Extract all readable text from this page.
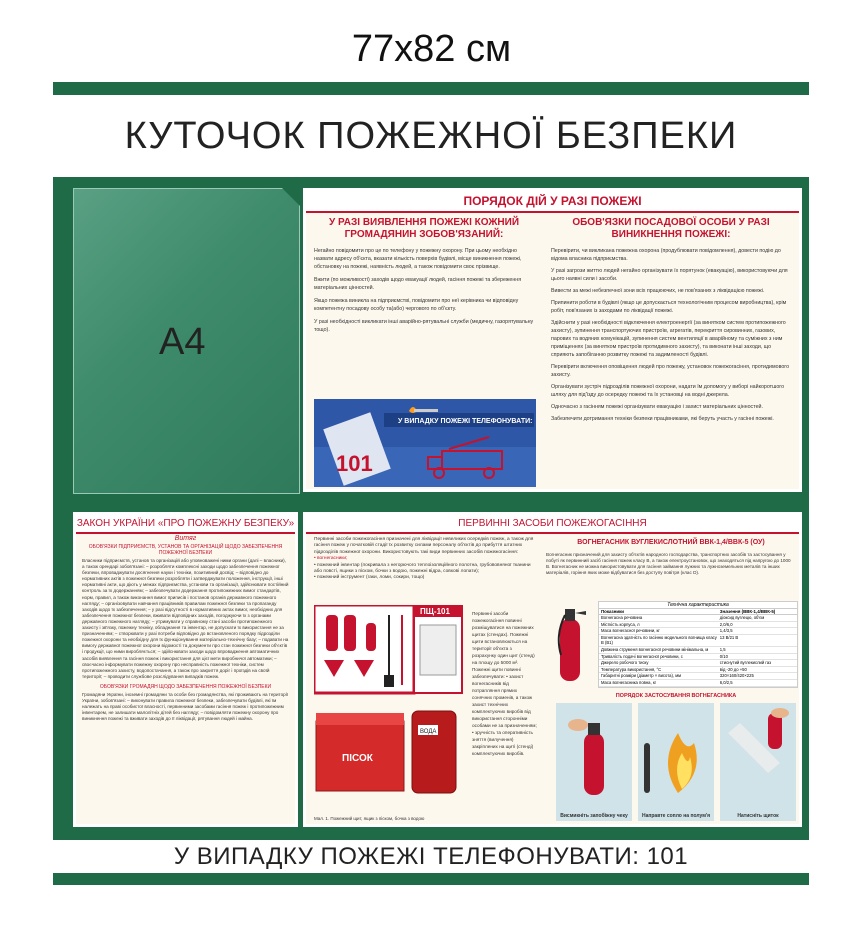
77х82 см
КУТОЧОК ПОЖЕЖНОЇ БЕЗПЕКИ
А4
ПОРЯДОК ДІЙ У РАЗІ ПОЖЕЖІ
У РАЗІ ВИЯВЛЕННЯ ПОЖЕЖІ КОЖНИЙ ГРОМАДЯНИН ЗОБОВ'ЯЗАНИЙ:
Негайно повідомити про це по телефону у пожежну охорону. При цьому необхідно назвати адресу об'єкта, вказати кількість поверхів будівлі, місце виникнення пожежі, обстановку на пожежі, наявність людей, а також повідомити своє прізвище.
Вжити (по можливості) заходів щодо евакуації людей, гасіння пожежі та збереження матеріальних цінностей.
Якщо пожежа виникла на підприємстві, повідомити про неї керівника чи відповідну компетентну посадову особу та(або) чергового по об'єкту.
У разі необхідності викликати інші аварійно-рятувальні служби (медичну, газорятувальну тощо).
101
У ВИПАДКУ ПОЖЕЖІ ТЕЛЕФОНУВАТИ:
ОБОВ'ЯЗКИ ПОСАДОВОЇ ОСОБИ У РАЗІ ВИНИКНЕННЯ ПОЖЕЖІ:
Перевірити, чи викликана пожежна охорона (продублювати повідомлення), довести подію до відома власника підприємства.
У разі загрози життю людей негайно організувати їх порятунок (евакуацію), використовуючи для цього наявні сили і засоби.
Вивести за межі небезпечної зони всіх працюючих, не пов'язаних з ліквідацією пожежі.
Припинити роботи в будівлі (якщо це допускається технологічним процесом виробництва), крім робіт, пов'язаних із заходами по ліквідації пожежі.
Здійснити у разі необхідності відключення електроенергії (за винятком систем протипожежного захисту), зупинення транспортуючих пристроїв, агрегатів, перекриття сировинних, газових, парових та водяних комунікацій, зупинення систем вентиляції в аварійному та суміжних з ним приміщеннях (за винятком пристроїв протидимного захисту), та виконати інші заходи, що сприяють запобіганню розвитку пожежі та задимленості будівлі.
Перевірити включення оповіщення людей про пожежу, установок пожежогасіння, протидимового захисту.
Організувати зустріч підрозділів пожежної охорони, надати їм допомогу у виборі найкоротшого шляху для під'їзду до осередку пожежі та їх установці на водні джерела.
Одночасно з гасінням пожежі організувати евакуацію і захист матеріальних цінностей.
Забезпечити дотримання техніки безпеки працівниками, які беруть участь у гасінні пожежі.
ЗАКОН УКРАЇНИ «ПРО ПОЖЕЖНУ БЕЗПЕКУ»
Витяг
ОБОВ'ЯЗКИ ПІДПРИЄМСТВ, УСТАНОВ ТА ОРГАНІЗАЦІЙ ЩОДО ЗАБЕЗПЕЧЕННЯ ПОЖЕЖНОЇ БЕЗПЕКИ
Власники підприємств, установ та організацій або уповноважені ними органи (далі – власники), а також орендарі зобов'язані: – розробляти комплексні заходи щодо забезпечення пожежної безпеки, впроваджувати досягнення науки і техніки, позитивний досвід; – відповідно до нормативних актів з пожежної безпеки розробляти і затверджувати положення, інструкції, інші нормативні акти, що діють у межах підприємства, установи та організації, здійснювати постійний контроль за їх додержанням; – забезпечувати додержання протипожежних вимог стандартів, норм, правил, а також виконання вимог приписів і постанов органів державного пожежного нагляду; – організовувати навчання працівників правилам пожежної безпеки та пропаганду заходів щодо їх забезпечення; – у разі відсутності в нормативних актах вимог, необхідних для забезпечення пожежної безпеки, вживати відповідних заходів, погоджуючи їх з органами державного пожежного нагляду; – утримувати у справному стані засоби протипожежного захисту і зв'язку, пожежну техніку, обладнання та інвентар, не допускати їх використання не за призначенням; – створювати у разі потреби відповідно до встановленого порядку підрозділи пожежної охорони та необхідну для їх функціонування матеріально-технічну базу; – подавати на вимогу державної пожежної охорони відомості та документи про стан пожежної безпеки об'єктів і продукції, що ними виробляється; – здійснювати заходи щодо впровадження автоматичних засобів виявлення та гасіння пожеж і використання для цієї мети виробничої автоматики; – своєчасно інформувати пожежну охорону про несправність пожежної техніки, систем протипожежного захисту, водопостачання, а також про закриття доріг і проїздів на своїй території; – проводити службове розслідування випадків пожеж.
ОБОВ'ЯЗКИ ГРОМАДЯН ЩОДО ЗАБЕЗПЕЧЕННЯ ПОЖЕЖНОЇ БЕЗПЕКИ
Громадяни України, іноземні громадяни та особи без громадянства, які проживають на території України, зобов'язані: – виконувати правила пожежної безпеки, забезпечувати будівлі, які їм належать на праві особистої власності, первинними засобами гасіння пожеж і протипожежним інвентарем, не залишати малолітніх дітей без нагляду; – повідомляти пожежну охорону про виникнення пожежі та вживати заходів до її ліквідації, рятування людей і майна.
ПЕРВИННІ ЗАСОБИ ПОЖЕЖОГАСІННЯ
Первинні засоби пожежогасіння призначені для ліквідації невеликих осередків пожеж, а також для гасіння пожеж у початковій стадії їх розвитку силами персоналу об'єктів до прибуття штатних підрозділів пожежної охорони. Використовують такі види первинних засобів пожежогасіння:
• вогнегасники;
• пожежний інвентар (покривала з негорючого теплоізоляційного полотна, грубововняної тканини або повсті, ящики з піском, бочки з водою, пожежні відра, совкові лопати);
• пожежний інструмент (гаки, ломи, сокири, тощо)
ПЩ-101
ПІСОК
ВОДА
Мал. 1. Пожежний щит, ящик з піском, бочка з водою
Первинні засоби пожежогасіння повинні розміщуватися на пожежних щитах (стендах). Пожежні щити встановлюються на території об'єкта з розрахунку один щит (стенд) на площу до 5000 м². Пожежні щити повинні забезпечувати: • захист вогнегасників від потрапляння прямих сонячних променів, а також захист технічних комплектуючих виробів від використання сторонніми особами не за призначенням; • зручність та оперативність зняття (вилучення) закріплених на щиті (стенді) комплектуючих виробів.
ВОГНЕГАСНИК ВУГЛЕКИСЛОТНИЙ ВВК-1,4/ВВК-5 (ОУ)
Вогнегасник призначений для захисту об'єктів народного господарства, транспортних засобів та застосування у побуті як первинний засіб гасіння пожеж класу В, а також електроустановок, що знаходяться під напругою до 1000 В. Вогнегасник не можна використовувати для гасіння займання лужних та лужноземельних металів та інших матеріалів, горіння яких може відбуватися без доступу повітря (клас D).
Технічна характеристика
Показники	Значення (ВВК-1,4/ВВК-5)
Вогнегасна речовина	діоксид вуглецю, об'єм
Місткість корпуса, л	2,0/6,0
Маса вогнегасної речовини, кг	1,4/3,5
Вогнегасна здатність по гасінню модельного вогнища класу В (В1)
13 В/21 В
Довжина струменя вогнегасної речовини мінімальна, м	1,5
Тривалість подачі вогнегасної речовини, с	0/10
Джерело робочого тиску	стиснутий вуглекислий газ
Температура використання, °С	від -20 до +50
Габаритні розміри (діаметр × висота), мм	320×160/420×225
Маса вогнегасника повна, кг	6,0/2,5
ПОРЯДОК ЗАСТОСУВАННЯ ВОГНЕГАСНИКА
Висмикніть запобіжну чеку	Направте сопло на полум'я	Натисніть щиток
У ВИПАДКУ ПОЖЕЖІ ТЕЛЕФОНУВАТИ: 101
